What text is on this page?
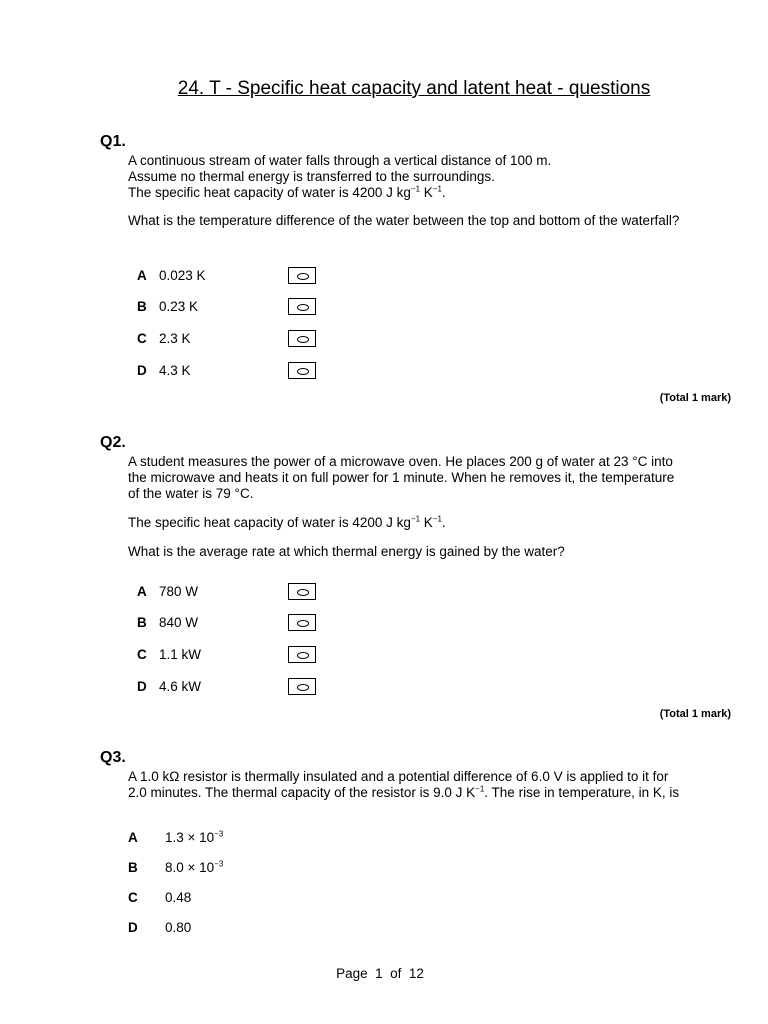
24. T - Specific heat capacity and latent heat - questions
Q1.
A continuous stream of water falls through a vertical distance of 100 m.
Assume no thermal energy is transferred to the surroundings.
The specific heat capacity of water is 4200 J $kg^{-1}$ $K^{-1}$.
What is the temperature difference of the water between the top and bottom of the waterfall?
A 0.023 K
B 0.23 K
C 2.3 K
D 4.3 K
(Total 1 mark)
Q2.
A student measures the power of a microwave oven. He places 200 g of water at 23 °C into the microwave and heats it on full power for 1 minute. When he removes it, the temperature of the water is 79 °C.
The specific heat capacity of water is 4200 J $kg^{-1}$ $K^{-1}$.
What is the average rate at which thermal energy is gained by the water?
A 780 W
B 840 W
C 1.1 kW
D 4.6 kW
(Total 1 mark)
Q3.
A 1.0 kΩ resistor is thermally insulated and a potential difference of 6.0 V is applied to it for 2.0 minutes. The thermal capacity of the resistor is 9.0 J $K^{-1}$. The rise in temperature, in K, is
A $1.3 \times 10^{-3}$
B $8.0 \times 10^{-3}$
C 0.48
D 0.80
Page  1  of  12
